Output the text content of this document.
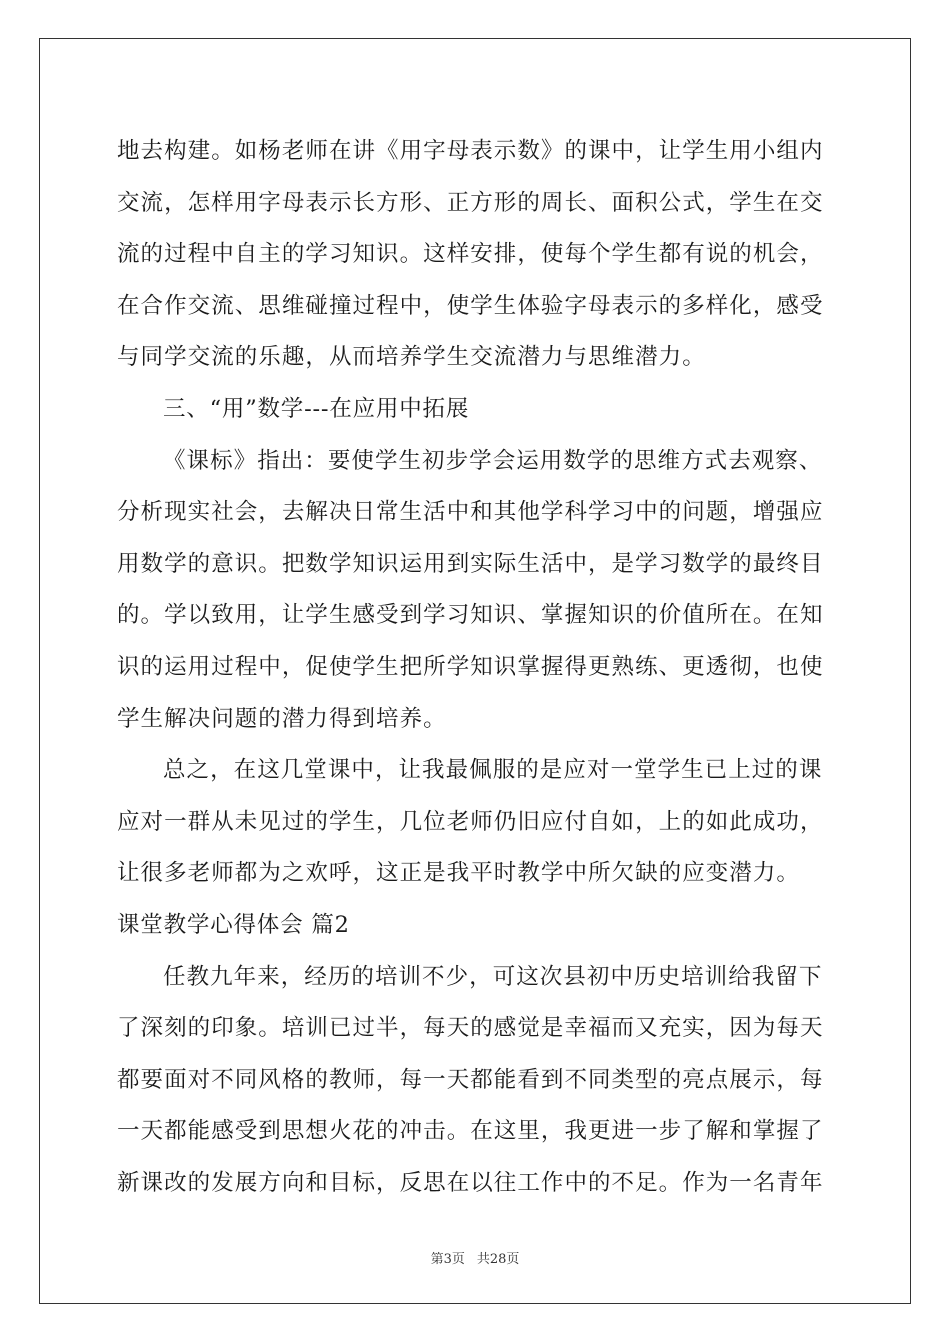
地去构建。如杨老师在讲《用字母表示数》的课中，让学生用小组内
交流，怎样用字母表示长方形、正方形的周长、面积公式，学生在交
流的过程中自主的学习知识。这样安排，使每个学生都有说的机会，
在合作交流、思维碰撞过程中，使学生体验字母表示的多样化，感受
与同学交流的乐趣，从而培养学生交流潜力与思维潜力。
三、“用”数学---在应用中拓展
《课标》指出：要使学生初步学会运用数学的思维方式去观察、
分析现实社会，去解决日常生活中和其他学科学习中的问题，增强应
用数学的意识。把数学知识运用到实际生活中，是学习数学的最终目
的。学以致用，让学生感受到学习知识、掌握知识的价值所在。在知
识的运用过程中，促使学生把所学知识掌握得更熟练、更透彻，也使
学生解决问题的潜力得到培养。
总之，在这几堂课中，让我最佩服的是应对一堂学生已上过的课
应对一群从未见过的学生，几位老师仍旧应付自如，上的如此成功，
让很多老师都为之欢呼，这正是我平时教学中所欠缺的应变潜力。
课堂教学心得体会 篇2
任教九年来，经历的培训不少，可这次县初中历史培训给我留下
了深刻的印象。培训已过半，每天的感觉是幸福而又充实，因为每天
都要面对不同风格的教师，每一天都能看到不同类型的亮点展示，每
一天都能感受到思想火花的冲击。在这里，我更进一步了解和掌握了
新课改的发展方向和目标，反思在以往工作中的不足。作为一名青年
第3页 共28页
